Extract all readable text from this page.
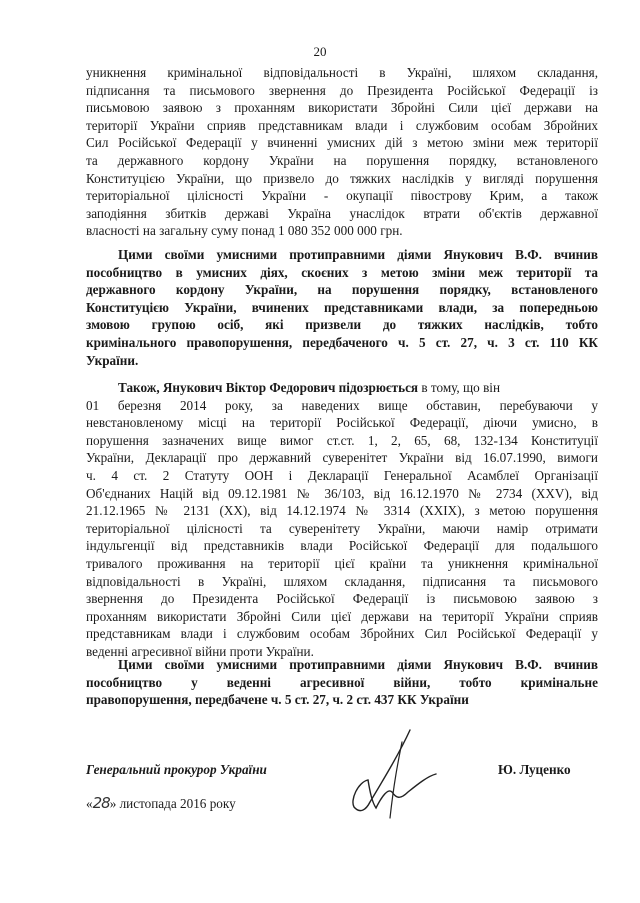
20
уникнення кримінальної відповідальності в Україні, шляхом складання,
підписання та письмового звернення до Президента Російської Федерації із
письмовою заявою з проханням використати Збройні Сили цієї держави на
території України сприяв представникам влади і службовим особам Збройних
Сил Російської Федерації у вчиненні умисних дій з метою зміни меж території
та державного кордону України на порушення порядку, встановленого
Конституцією України, що призвело до тяжких наслідків у вигляді порушення
територіальної цілісності України - окупації півострову Крим, а також
заподіяння збитків державі Україна унаслідок втрати об'єктів державної
власності на загальну суму понад 1 080 352 000 000 грн.
Цими своїми умисними протиправними діями Янукович В.Ф. вчинив
пособництво в умисних діях, скоєних з метою зміни меж території та
державного кордону України, на порушення порядку, встановленого
Конституцією України, вчинених представниками влади, за попередньою
змовою групою осіб, які призвели до тяжких наслідків, тобто
кримінального правопорушення, передбаченого ч. 5 ст. 27, ч. 3 ст. 110 КК
України.
Також, Янукович Віктор Федорович підозрюється в тому, що він
01 березня 2014 року, за наведених вище обставин, перебуваючи у
невстановленому місці на території Російської Федерації, діючи умисно, в
порушення зазначених вище вимог ст.ст. 1, 2, 65, 68, 132-134 Конституції
України, Декларації про державний суверенітет України від 16.07.1990, вимоги
ч. 4 ст. 2 Статуту ООН і Декларації Генеральної Асамблеї Організації
Об'єднаних Націй від 09.12.1981 № 36/103, від 16.12.1970 № 2734 (XXV), від
21.12.1965 № 2131 (XX), від 14.12.1974 № 3314 (XXIX), з метою порушення
територіальної цілісності та суверенітету України, маючи намір отримати
індульгенції від представників влади Російської Федерації для подальшого
тривалого проживання на території цієї країни та уникнення кримінальної
відповідальності в Україні, шляхом складання, підписання та письмового
звернення до Президента Російської Федерації із письмовою заявою з
проханням використати Збройні Сили цієї держави на території України сприяв
представникам влади і службовим особам Збройних Сил Російської Федерації у
веденні агресивної війни проти України.
Цими своїми умисними протиправними діями Янукович В.Ф. вчинив
пособництво у веденні агресивної війни, тобто кримінальне
правопорушення, передбачене ч. 5 ст. 27, ч. 2 ст. 437 КК України
Генеральний прокурор України	Ю. Луценко
«28» листопада 2016 року
